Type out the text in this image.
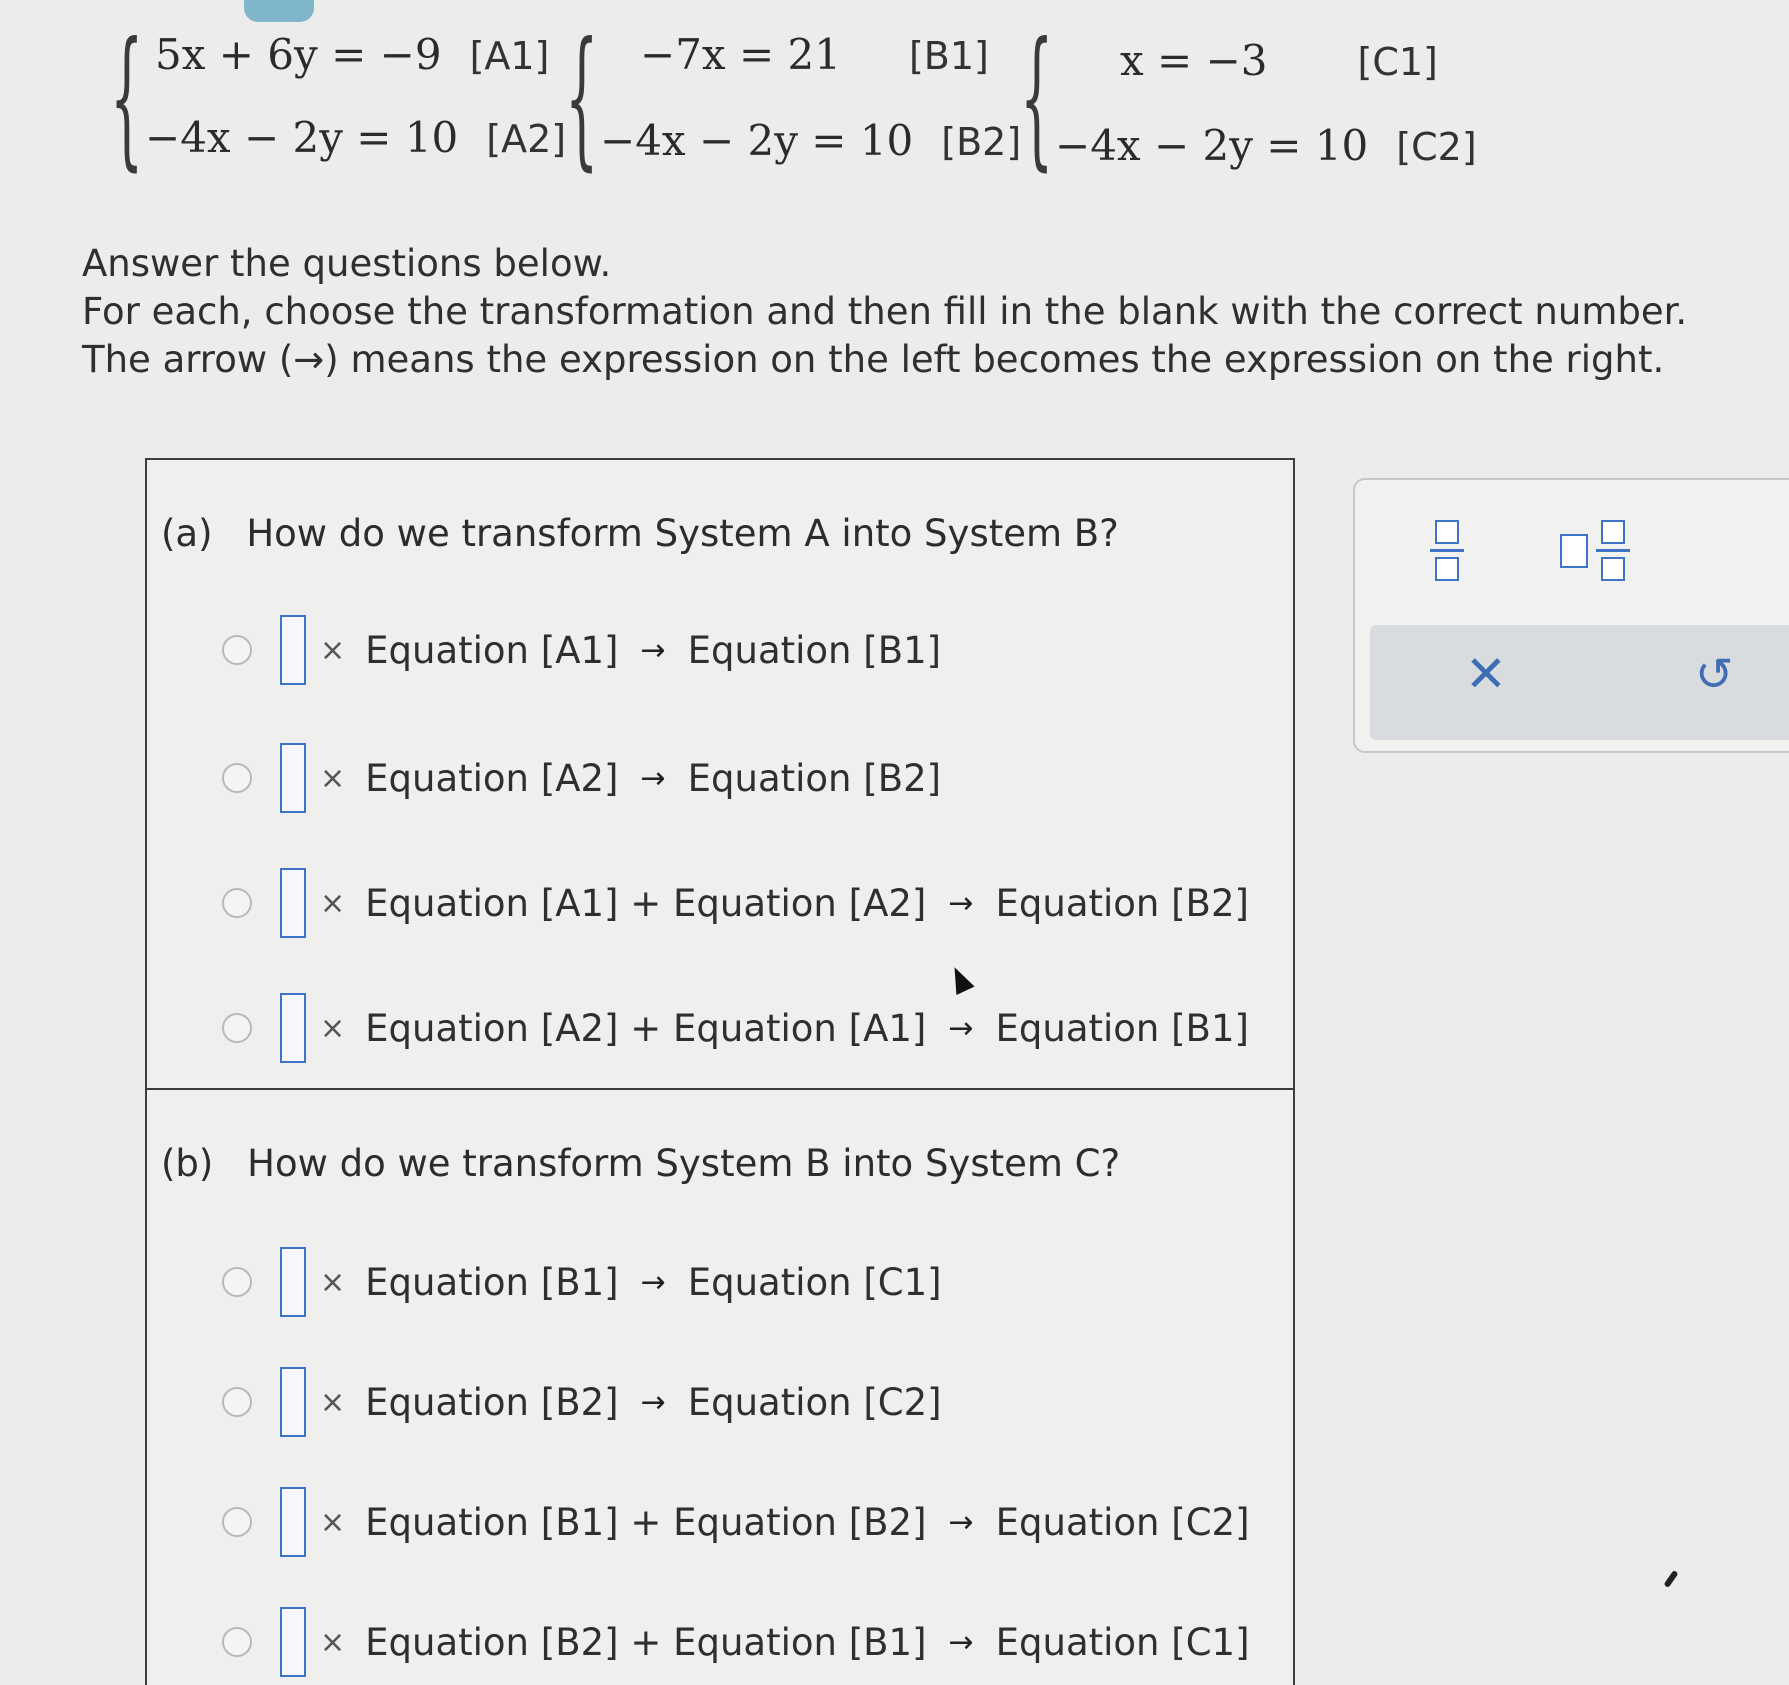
{ 5x + 6y = −9 [A1]
−4x − 2y = 10 [A2]
{ −7x = 21 [B1]
−4x − 2y = 10 [B2]
{ x = −3 [C1]
−4x − 2y = 10 [C2]
Answer the questions below.
For each, choose the transformation and then fill in the blank with the correct number.
The arrow (→) means the expression on the left becomes the expression on the right.
(a) How do we transform System A into System B?
× Equation [A1] → Equation [B1]
× Equation [A2] → Equation [B2]
× Equation [A1] + Equation [A2] → Equation [B2]
× Equation [A2] + Equation [A1] → Equation [B1]
(b) How do we transform System B into System C?
× Equation [B1] → Equation [C1]
× Equation [B2] → Equation [C2]
× Equation [B1] + Equation [B2] → Equation [C2]
× Equation [B2] + Equation [B1] → Equation [C1]
✕	↺
